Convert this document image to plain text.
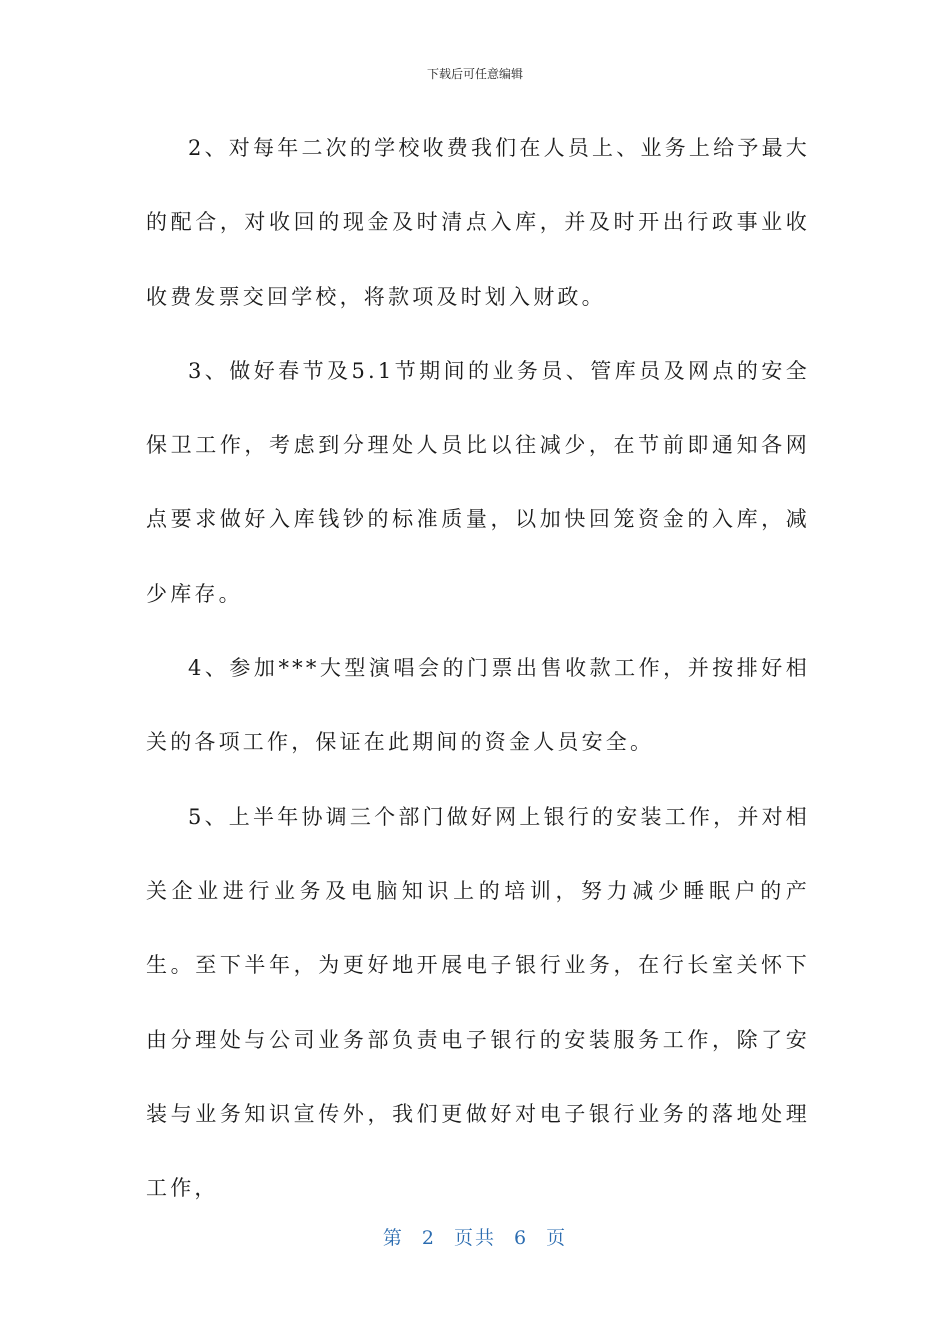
下载后可任意编辑

2、对每年二次的学校收费我们在人员上、业务上给予最大的配合，对收回的现金及时清点入库，并及时开出行政事业收收费发票交回学校，将款项及时划入财政。

3、做好春节及5.1节期间的业务员、管库员及网点的安全保卫工作，考虑到分理处人员比以往减少，在节前即通知各网点要求做好入库钱钞的标准质量，以加快回笼资金的入库，减少库存。

4、参加***大型演唱会的门票出售收款工作，并按排好相关的各项工作，保证在此期间的资金人员安全。

5、上半年协调三个部门做好网上银行的安装工作，并对相关企业进行业务及电脑知识上的培训，努力减少睡眠户的产生。至下半年，为更好地开展电子银行业务，在行长室关怀下由分理处与公司业务部负责电子银行的安装服务工作，除了安装与业务知识宣传外，我们更做好对电子银行业务的落地处理工作，

第 2 页共 6 页
